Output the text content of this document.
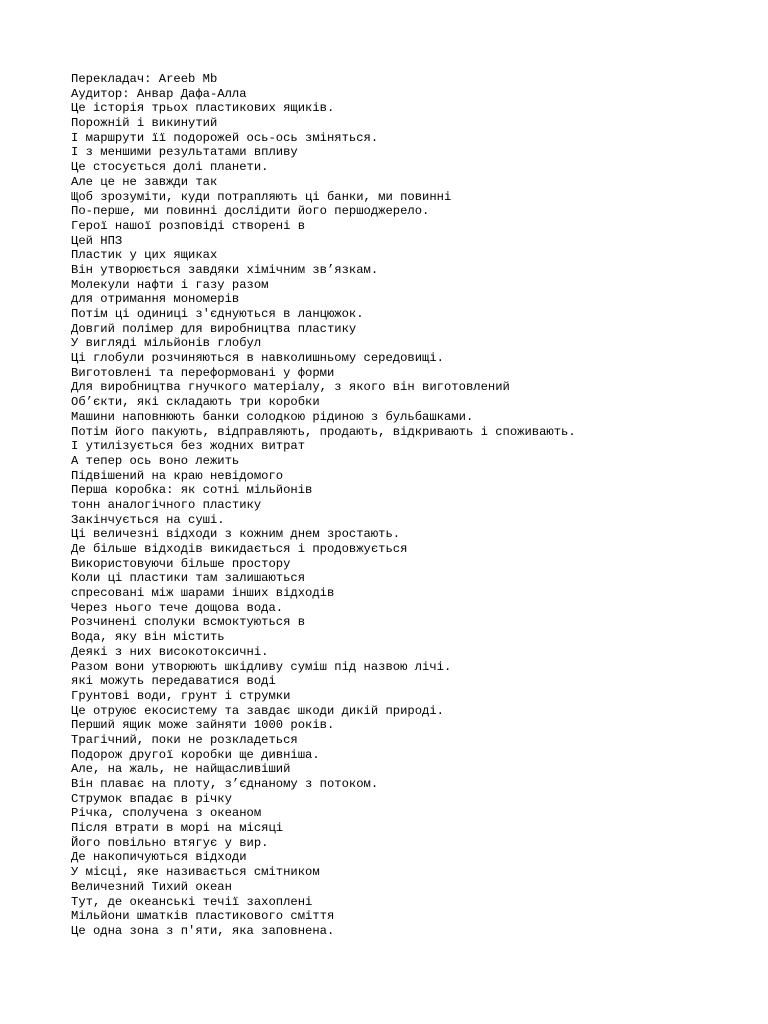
Перекладач: Areeb Mb
Аудитор: Анвар Дафа-Алла
Це історія трьох пластикових ящиків.
Порожній і викинутий
І маршрути її подорожей ось-ось зміняться.
І з меншими результатами впливу
Це стосується долі планети.
Але це не завжди так
Щоб зрозуміти, куди потрапляють ці банки, ми повинні
По-перше, ми повинні дослідити його першоджерело.
Герої нашої розповіді створені в
Цей НПЗ
Пластик у цих ящиках
Він утворюється завдяки хімічним зв’язкам.
Молекули нафти і газу разом
для отримання мономерів
Потім ці одиниці з'єднуються в ланцюжок.
Довгий полімер для виробництва пластику
У вигляді мільйонів глобул
Ці глобули розчиняються в навколишньому середовищі.
Виготовлені та переформовані у форми
Для виробництва гнучкого матеріалу, з якого він виготовлений
Об’єкти, які складають три коробки
Машини наповнюють банки солодкою рідиною з бульбашками.
Потім його пакують, відправляють, продають, відкривають і споживають.
І утилізується без жодних витрат
А тепер ось воно лежить
Підвішений на краю невідомого
Перша коробка: як сотні мільйонів
тонн аналогічного пластику
Закінчується на суші.
Ці величезні відходи з кожним днем зростають.
Де більше відходів викидається і продовжується
Використовуючи більше простору
Коли ці пластики там залишаються
спресовані між шарами інших відходів
Через нього тече дощова вода.
Розчинені сполуки всмоктуються в
Вода, яку він містить
Деякі з них високотоксичні.
Разом вони утворюють шкідливу суміш під назвою лічі.
які можуть передаватися воді
Грунтові води, грунт і струмки
Це отруює екосистему та завдає шкоди дикій природі.
Перший ящик може зайняти 1000 років.
Трагічний, поки не розкладеться
Подорож другої коробки ще дивніша.
Але, на жаль, не найщасливіший
Він плаває на плоту, з’єднаному з потоком.
Струмок впадає в річку
Річка, сполучена з океаном
Після втрати в морі на місяці
Його повільно втягує у вир.
Де накопичуються відходи
У місці, яке називається смітником
Величезний Тихий океан
Тут, де океанські течії захоплені
Мільйони шматків пластикового сміття
Це одна зона з п'яти, яка заповнена.
